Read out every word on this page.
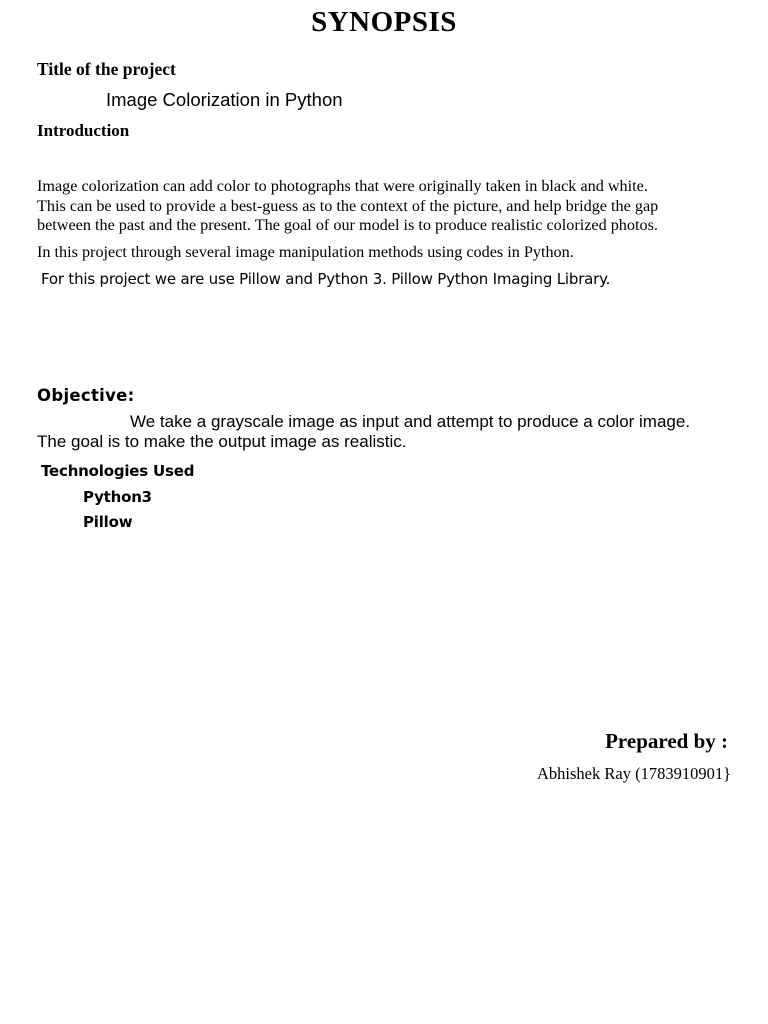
SYNOPSIS
Title of the project
Image Colorization in Python
Introduction
Image colorization can add color to photographs that were originally taken in black and white.
This can be used to provide a best-guess as to the context of the picture, and help bridge the gap
between the past and the present. The goal of our model is to produce realistic colorized photos.
In this project through several image manipulation methods using codes in Python.
For this project we are use Pillow and Python 3. Pillow Python Imaging Library.
Objective:
We take a grayscale image as input and attempt to produce a color image.
The goal is to make the output image as realistic.
Technologies Used
Python3
Pillow
Prepared by :
Abhishek Ray (1783910901}
